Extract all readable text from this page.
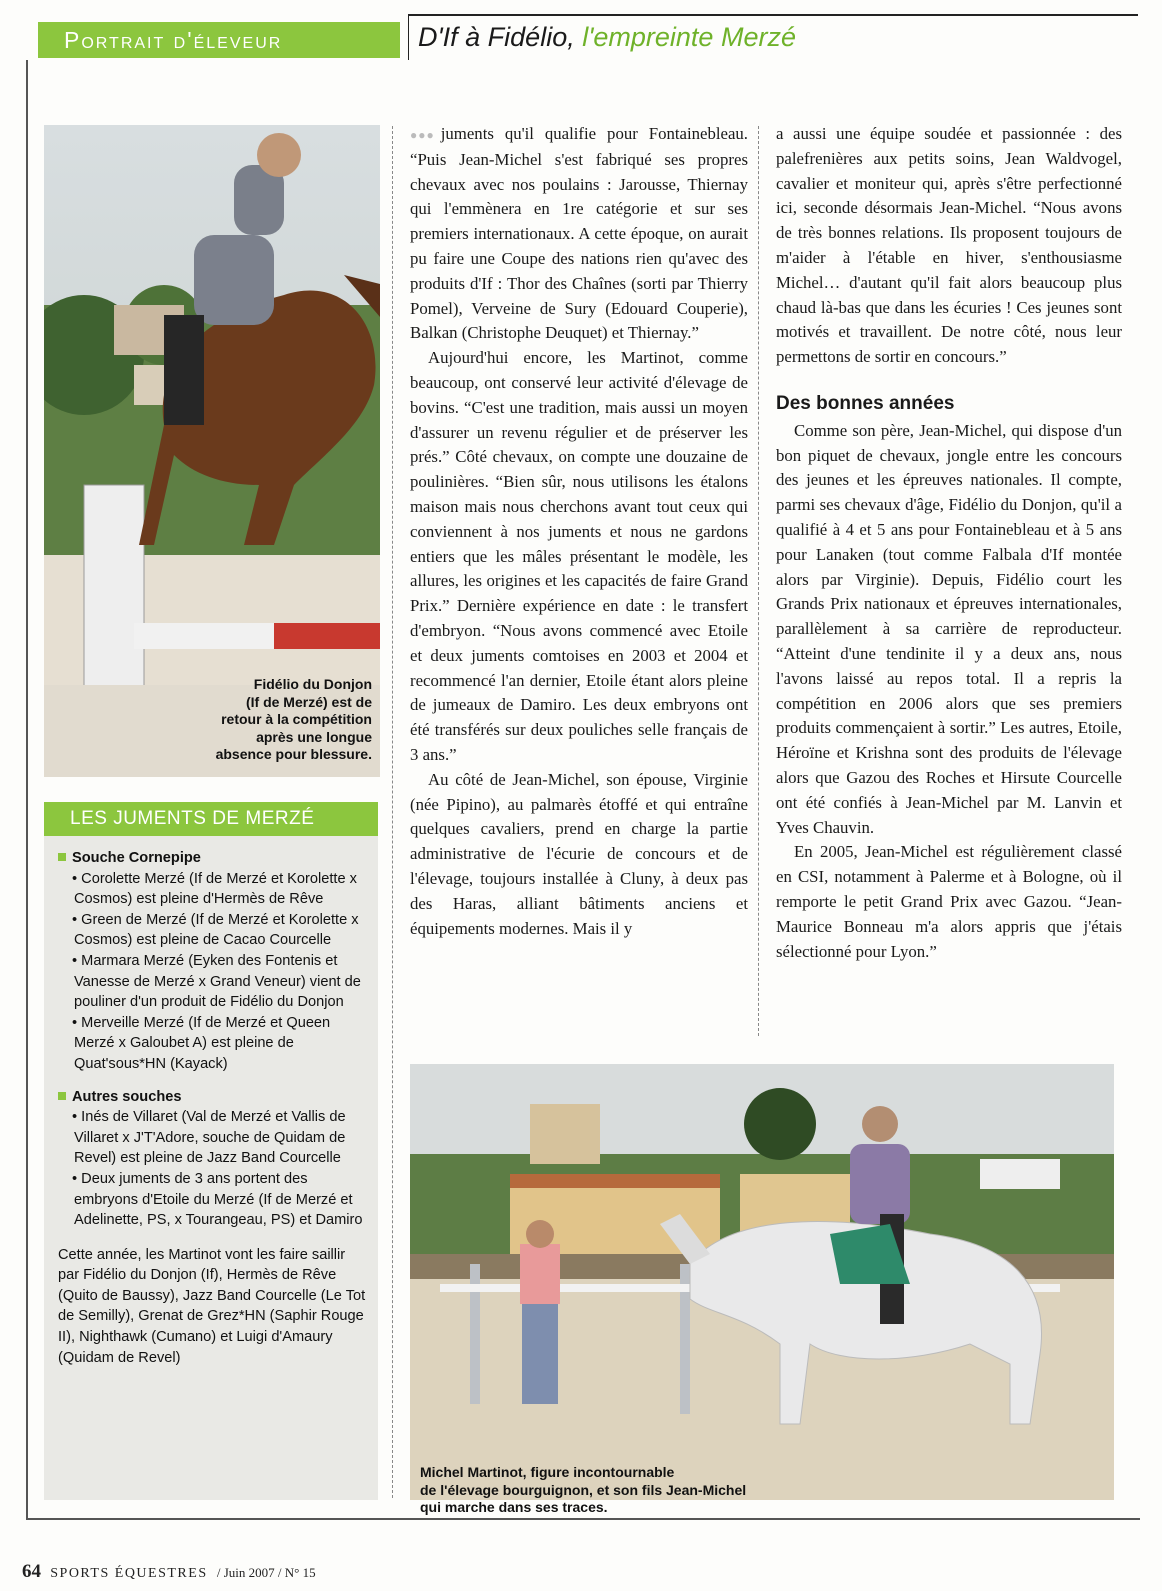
Portrait d'éleveur	D'If à Fidélio, l'empreinte Merzé
Fidélio du Donjon
(If de Merzé) est de
retour à la compétition
après une longue
absence pour blessure.
LES JUMENTS DE MERZÉ
Souche Cornepipe
• Corolette Merzé (If de Merzé et Korolette x Cosmos) est pleine d'Hermès de Rêve
• Green de Merzé (If de Merzé et Korolette x Cosmos) est pleine de Cacao Courcelle
• Marmara Merzé (Eyken des Fontenis et Vanesse de Merzé x Grand Veneur) vient de pouliner d'un produit de Fidélio du Donjon
• Merveille Merzé (If de Merzé et Queen Merzé x Galoubet A) est pleine de Quat'sous*HN (Kayack)
Autres souches
• Inés de Villaret (Val de Merzé et Vallis de Villaret x J'T'Adore, souche de Quidam de Revel) est pleine de Jazz Band Courcelle
• Deux juments de 3 ans portent des embryons d'Etoile du Merzé (If de Merzé et Adelinette, PS, x Tourangeau, PS) et Damiro
Cette année, les Martinot vont les faire saillir par Fidélio du Donjon (If), Hermès de Rêve (Quito de Baussy), Jazz Band Courcelle (Le Tot de Semilly), Grenat de Grez*HN (Saphir Rouge II), Nighthawk (Cumano) et Luigi d'Amaury (Quidam de Revel)

●●● juments qu'il qualifie pour Fontainebleau. “Puis Jean-Michel s'est fabriqué ses propres chevaux avec nos poulains : Jarousse, Thiernay qui l'emmènera en 1re catégorie et sur ses premiers internationaux. A cette époque, on aurait pu faire une Coupe des nations rien qu'avec des produits d'If : Thor des Chaînes (sorti par Thierry Pomel), Verveine de Sury (Edouard Couperie), Balkan (Christophe Deuquet) et Thiernay.”

Aujourd'hui encore, les Martinot, comme beaucoup, ont conservé leur activité d'élevage de bovins. “C'est une tradition, mais aussi un moyen d'assurer un revenu régulier et de préserver les prés.” Côté chevaux, on compte une douzaine de poulinières. “Bien sûr, nous utilisons les étalons maison mais nous cherchons avant tout ceux qui conviennent à nos juments et nous ne gardons entiers que les mâles présentant le modèle, les allures, les origines et les capacités de faire Grand Prix.” Dernière expérience en date : le transfert d'embryon. “Nous avons commencé avec Etoile et deux juments comtoises en 2003 et 2004 et recommencé l'an dernier, Etoile étant alors pleine de jumeaux de Damiro. Les deux embryons ont été transférés sur deux pouliches selle français de 3 ans.”

Au côté de Jean-Michel, son épouse, Virginie (née Pipino), au palmarès étoffé et qui entraîne quelques cavaliers, prend en charge la partie administrative de l'écurie de concours et de l'élevage, toujours installée à Cluny, à deux pas des Haras, alliant bâtiments anciens et équipements modernes. Mais il y

a aussi une équipe soudée et passionnée : des palefrenières aux petits soins, Jean Waldvogel, cavalier et moniteur qui, après s'être perfectionné ici, seconde désormais Jean-Michel. “Nous avons de très bonnes relations. Ils proposent toujours de m'aider à l'étable en hiver, s'enthousiasme Michel… d'autant qu'il fait alors beaucoup plus chaud là-bas que dans les écuries ! Ces jeunes sont motivés et travaillent. De notre côté, nous leur permettons de sortir en concours.”

Des bonnes années

Comme son père, Jean-Michel, qui dispose d'un bon piquet de chevaux, jongle entre les concours des jeunes et les épreuves nationales. Il compte, parmi ses chevaux d'âge, Fidélio du Donjon, qu'il a qualifié à 4 et 5 ans pour Fontainebleau et à 5 ans pour Lanaken (tout comme Falbala d'If montée alors par Virginie). Depuis, Fidélio court les Grands Prix nationaux et épreuves internationales, parallèlement à sa carrière de reproducteur. “Atteint d'une tendinite il y a deux ans, nous l'avons laissé au repos total. Il a repris la compétition en 2006 alors que ses premiers produits commençaient à sortir.” Les autres, Etoile, Héroïne et Krishna sont des produits de l'élevage alors que Gazou des Roches et Hirsute Courcelle ont été confiés à Jean-Michel par M. Lanvin et Yves Chauvin.

En 2005, Jean-Michel est régulièrement classé en CSI, notamment à Palerme et à Bologne, où il remporte le petit Grand Prix avec Gazou. “Jean-Maurice Bonneau m'a alors appris que j'étais sélectionné pour Lyon.”

Michel Martinot, figure incontournable
de l'élevage bourguignon, et son fils Jean-Michel
qui marche dans ses traces.
64 SPORTS ÉQUESTRES / Juin 2007 / N° 15
